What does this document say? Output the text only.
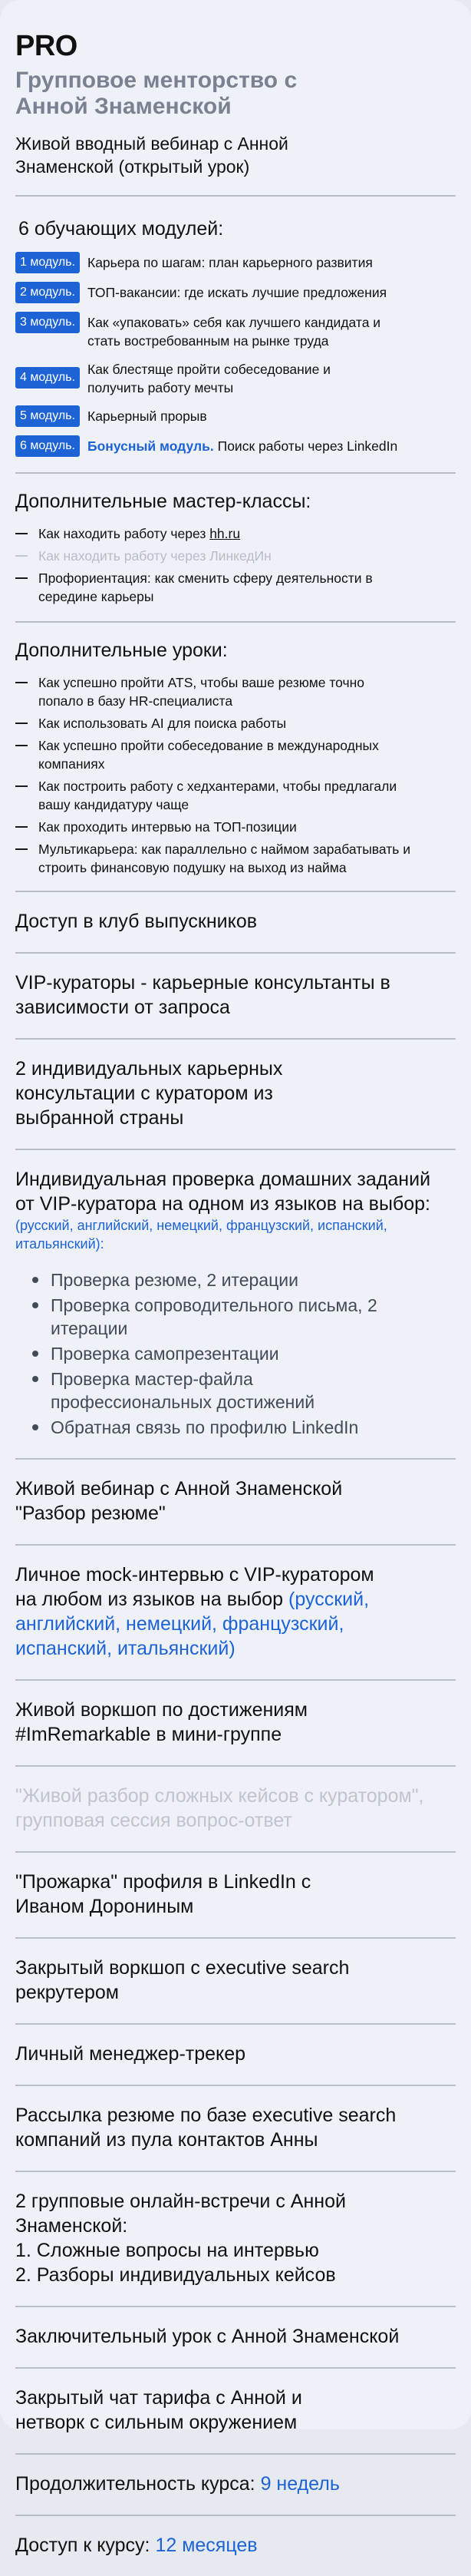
PRO
Групповое менторство с Анной Знаменской
Живой вводный вебинар с Анной Знаменской (открытый урок)
6 обучающих модулей:
1 модуль. Карьера по шагам: план карьерного развития
2 модуль. ТОП-вакансии: где искать лучшие предложения
3 модуль. Как «упаковать» себя как лучшего кандидата и стать востребованным на рынке труда
4 модуль.
Как блестяще пройти собеседование и получить работу мечты
5 модуль. Карьерный прорыв
6 модуль. Бонусный модуль. Поиск работы через LinkedIn
Дополнительные мастер-классы:
Как находить работу через hh.ru
Как находить работу через ЛинкедИн
Профориентация: как сменить сферу деятельности в середине карьеры
Дополнительные уроки:
Как успешно пройти ATS, чтобы ваше резюме точно попало в базу HR-специалиста
Как использовать AI для поиска работы
Как успешно пройти собеседование в международных компаниях
Как построить работу с хедхантерами, чтобы предлагали вашу кандидатуру чаще
Как проходить интервью на ТОП-позиции
Мультикарьера: как параллельно с наймом зарабатывать и строить финансовую подушку на выход из найма
Доступ в клуб выпускников
VIP-кураторы - карьерные консультанты в зависимости от запроса
2 индивидуальных карьерных консультации с куратором из выбранной страны
Индивидуальная проверка домашних заданий от VIP-куратора на одном из языков на выбор:
(русский, английский, немецкий, французский, испанский, итальянский):
Проверка резюме, 2 итерации
Проверка сопроводительного письма, 2 итерации
Проверка самопрезентации
Проверка мастер-файла профессиональных достижений
Обратная связь по профилю LinkedIn
Живой вебинар с Анной Знаменской "Разбор резюме"
Личное mock-интервью с VIP-куратором на любом из языков на выбор (русский, английский, немецкий, французский, испанский, итальянский)
Живой воркшоп по достижениям #ImRemarkable в мини-группе
"Живой разбор сложных кейсов с куратором", групповая сессия вопрос-ответ
"Прожарка" профиля в LinkedIn с Иваном Дорониным
Закрытый воркшоп с executive search рекрутером
Личный менеджер-трекер
Рассылка резюме по базе executive search компаний из пула контактов Анны
2 групповые онлайн-встречи с Анной Знаменской:
1. Сложные вопросы на интервью
2. Разборы индивидуальных кейсов
Заключительный урок с Анной Знаменской
Закрытый чат тарифа с Анной и нетворк с сильным окружением
Продолжительность курса: 9 недель
Доступ к курсу: 12 месяцев
